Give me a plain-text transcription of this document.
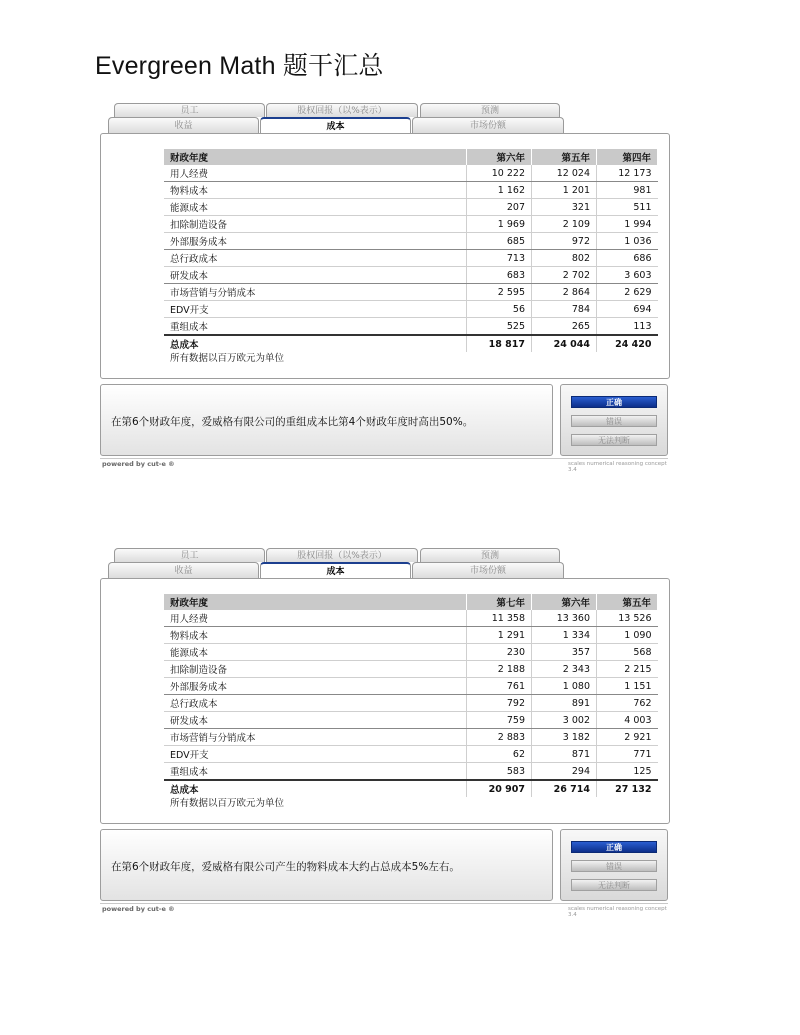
Evergreen Math 题干汇总
员工	股权回报（以%表示）	预测
收益	成本	市场份额
财政年度	第六年	第五年	第四年
用人经费	10 222	12 024	12 173
物料成本	1 162	1 201	981
能源成本	207	321	511
扣除制造设备	1 969	2 109	1 994
外部服务成本	685	972	1 036
总行政成本	713	802	686
研发成本	683	2 702	3 603
市场营销与分销成本	2 595	2 864	2 629
EDV开支	56	784	694
重组成本	525	265	113
总成本	18 817	24 044	24 420
所有数据以百万欧元为单位
在第6个财政年度，爱威格有限公司的重组成本比第4个财政年度时高出50%。
正确
错误
无法判断
powered by cut-e ®	scales numerical reasoning concept 3.4
员工	股权回报（以%表示）	预测
收益	成本	市场份额
财政年度	第七年	第六年	第五年
用人经费	11 358	13 360	13 526
物料成本	1 291	1 334	1 090
能源成本	230	357	568
扣除制造设备	2 188	2 343	2 215
外部服务成本	761	1 080	1 151
总行政成本	792	891	762
研发成本	759	3 002	4 003
市场营销与分销成本	2 883	3 182	2 921
EDV开支	62	871	771
重组成本	583	294	125
总成本	20 907	26 714	27 132
所有数据以百万欧元为单位
在第6个财政年度，爱威格有限公司产生的物料成本大约占总成本5%左右。
正确
错误
无法判断
powered by cut-e ®	scales numerical reasoning concept 3.4
